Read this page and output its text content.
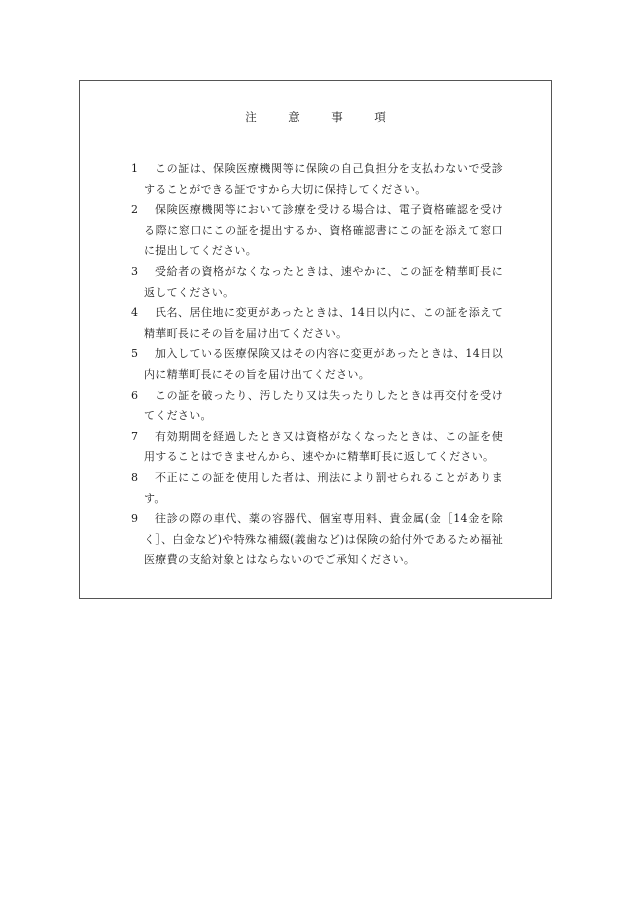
注　意　事　項
1	この証は、保険医療機関等に保険の自己負担分を支払わないで受診することができる証ですから大切に保持してください。
2	保険医療機関等において診療を受ける場合は、電子資格確認を受ける際に窓口にこの証を提出するか、資格確認書にこの証を添えて窓口に提出してください。
3	受給者の資格がなくなったときは、速やかに、この証を精華町長に返してください。
4	氏名、居住地に変更があったときは、14日以内に、この証を添えて精華町長にその旨を届け出てください。
5	加入している医療保険又はその内容に変更があったときは、14日以内に精華町長にその旨を届け出てください。
6	この証を破ったり、汚したり又は失ったりしたときは再交付を受けてください。
7	有効期間を経過したとき又は資格がなくなったときは、この証を使用することはできませんから、速やかに精華町長に返してください。
8	不正にこの証を使用した者は、刑法により罰せられることがあります。
9	往診の際の車代、薬の容器代、個室専用料、貴金属(金［14金を除く］、白金など)や特殊な補綴(義歯など)は保険の給付外であるため福祉医療費の支給対象とはならないのでご承知ください。
